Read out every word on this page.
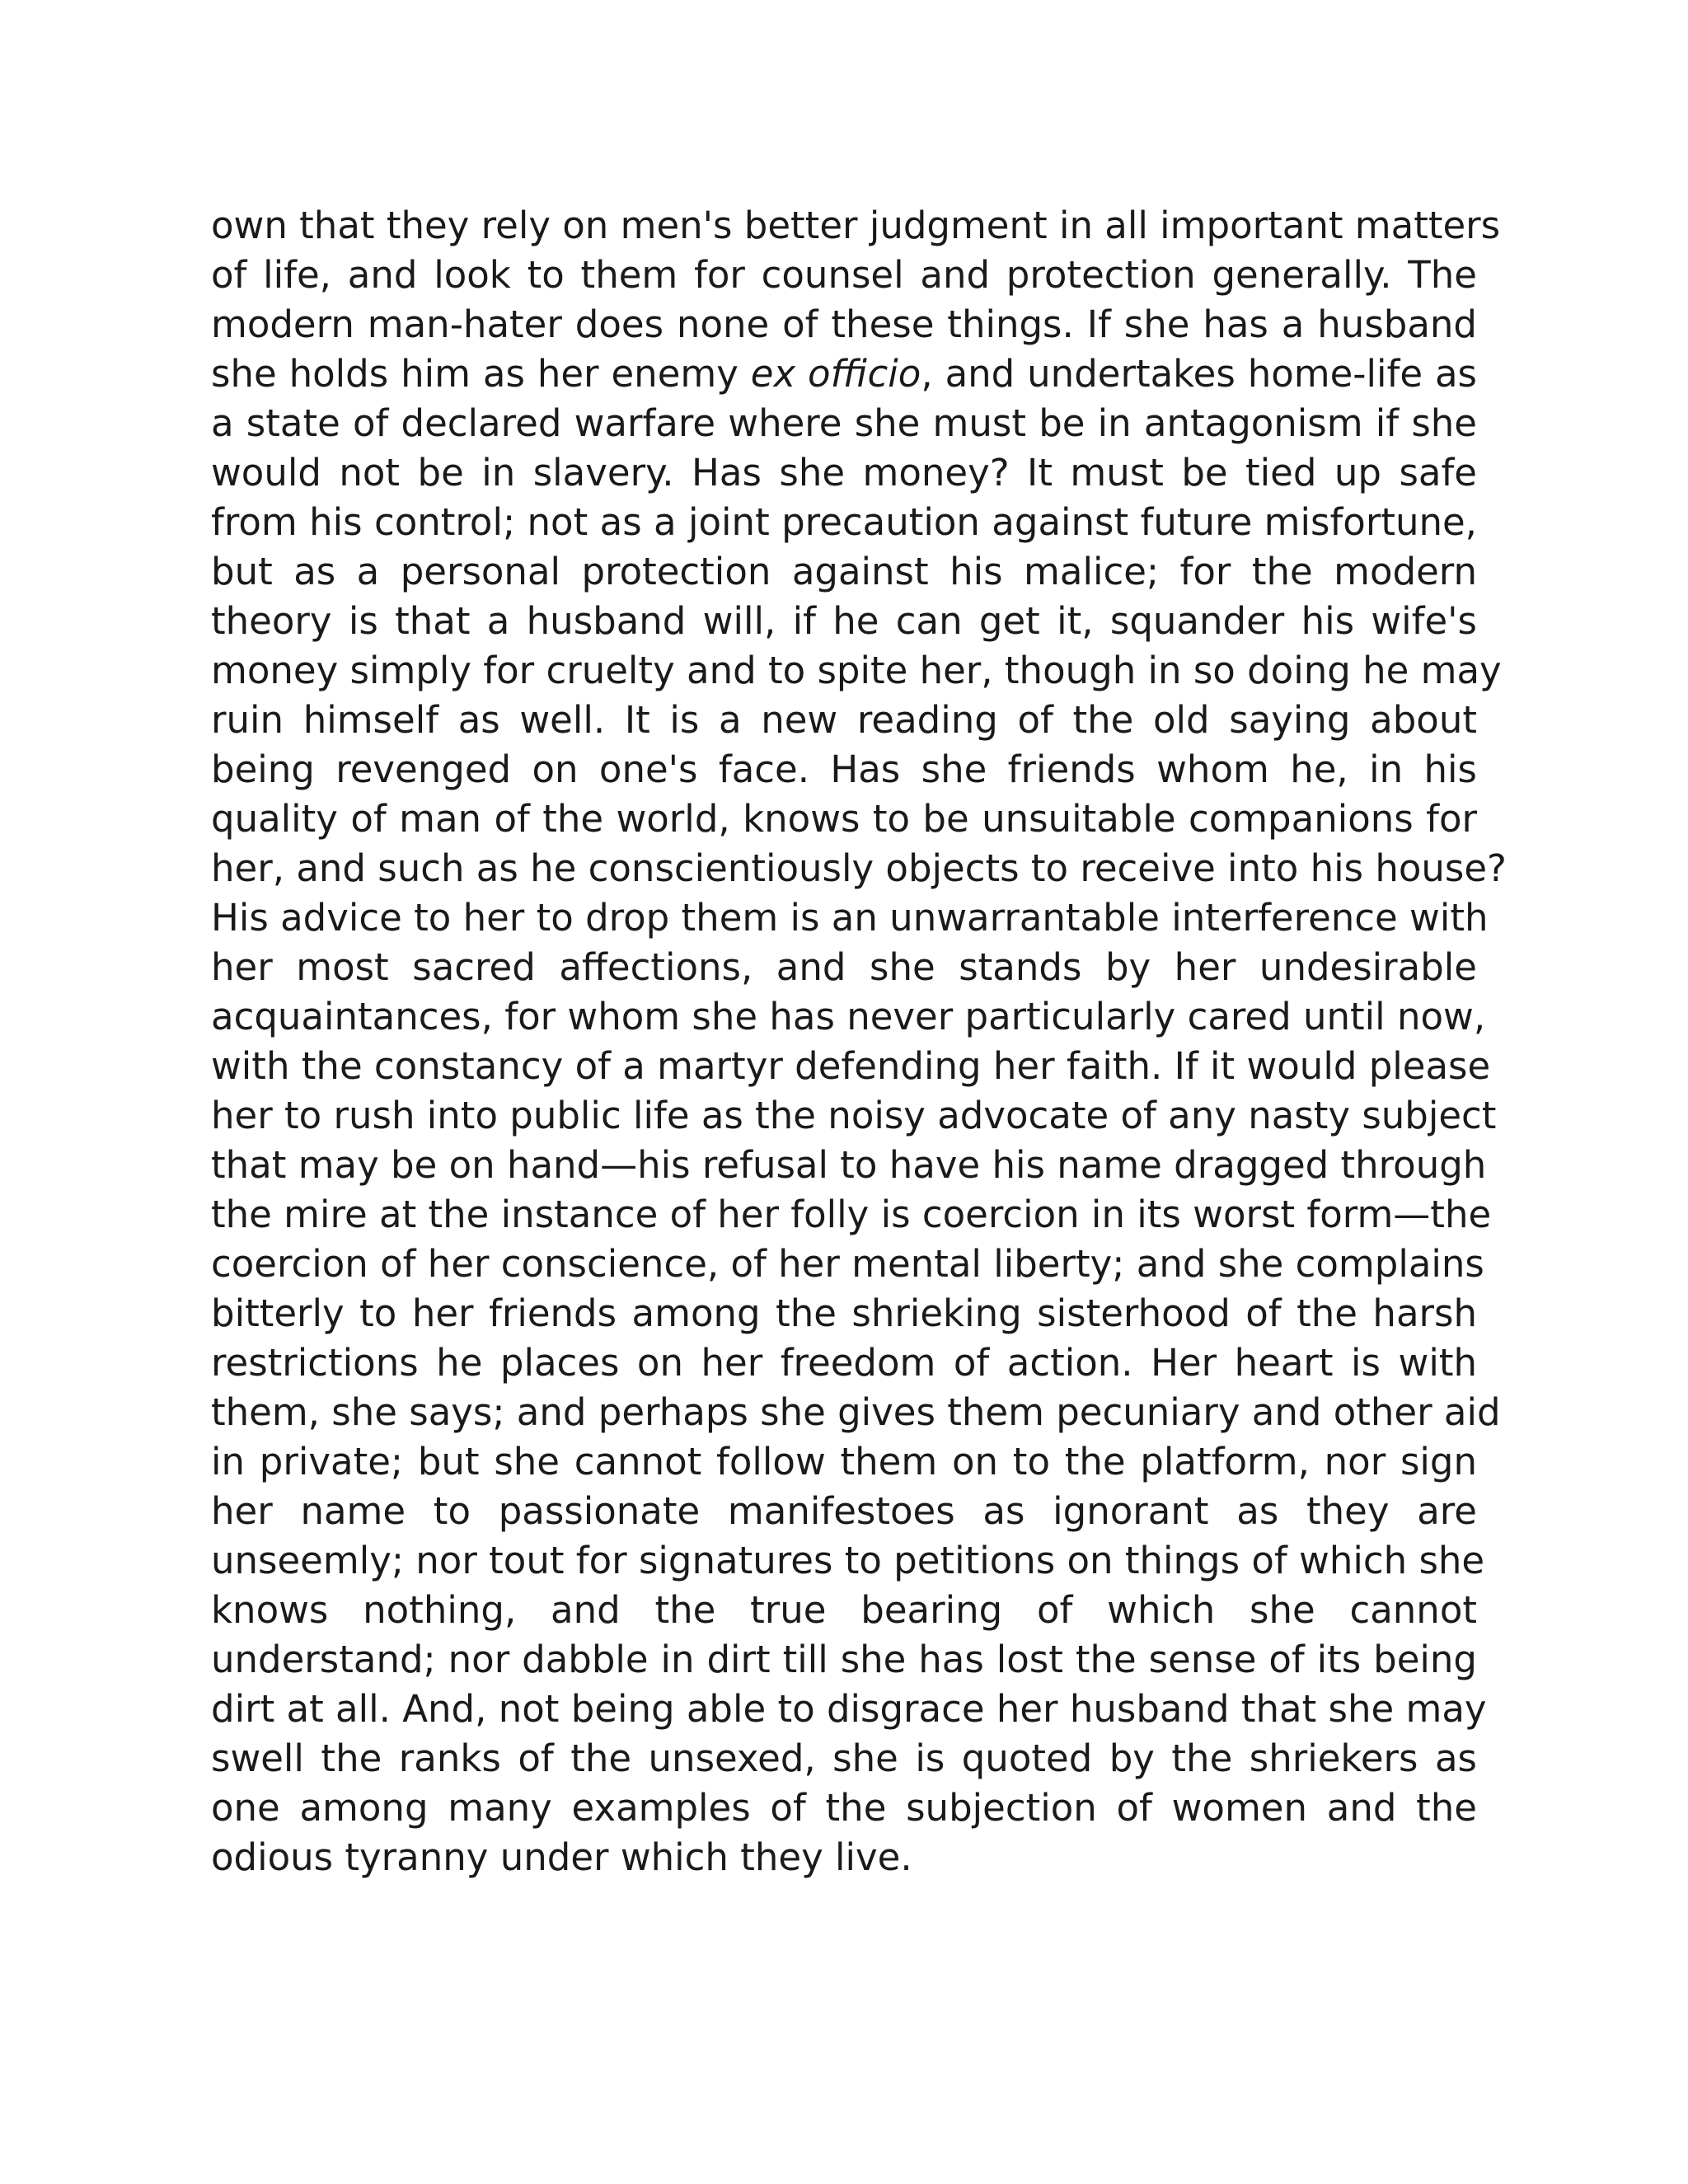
own that they rely on men's better judgment in all important matters
of life, and look to them for counsel and protection generally. The
modern man-hater does none of these things. If she has a husband
she holds him as her enemy ex officio, and undertakes home-life as
a state of declared warfare where she must be in antagonism if she
would not be in slavery. Has she money? It must be tied up safe
from his control; not as a joint precaution against future misfortune,
but as a personal protection against his malice; for the modern
theory is that a husband will, if he can get it, squander his wife's
money simply for cruelty and to spite her, though in so doing he may
ruin himself as well. It is a new reading of the old saying about
being revenged on one's face. Has she friends whom he, in his
quality of man of the world, knows to be unsuitable companions for
her, and such as he conscientiously objects to receive into his house?
His advice to her to drop them is an unwarrantable interference with
her most sacred affections, and she stands by her undesirable
acquaintances, for whom she has never particularly cared until now,
with the constancy of a martyr defending her faith. If it would please
her to rush into public life as the noisy advocate of any nasty subject
that may be on hand—his refusal to have his name dragged through
the mire at the instance of her folly is coercion in its worst form—the
coercion of her conscience, of her mental liberty; and she complains
bitterly to her friends among the shrieking sisterhood of the harsh
restrictions he places on her freedom of action. Her heart is with
them, she says; and perhaps she gives them pecuniary and other aid
in private; but she cannot follow them on to the platform, nor sign
her name to passionate manifestoes as ignorant as they are
unseemly; nor tout for signatures to petitions on things of which she
knows nothing, and the true bearing of which she cannot
understand; nor dabble in dirt till she has lost the sense of its being
dirt at all. And, not being able to disgrace her husband that she may
swell the ranks of the unsexed, she is quoted by the shriekers as
one among many examples of the subjection of women and the
odious tyranny under which they live.
